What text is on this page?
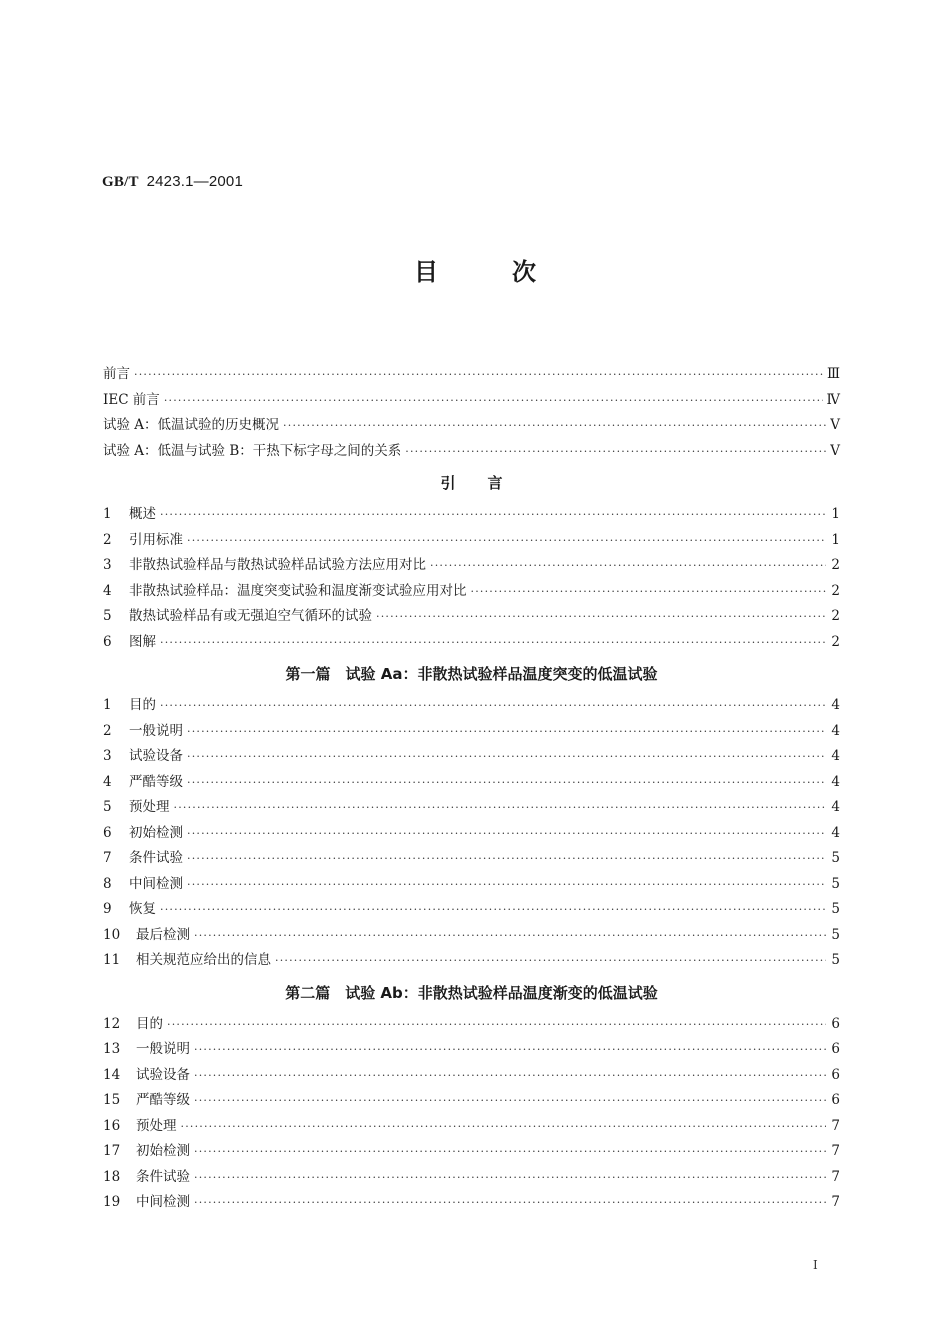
GB/T 2423.1—2001
目次
前言 ·····	Ⅲ
IEC 前言 ·····	Ⅳ
试验 A：低温试验的历史概况 ·····	Ⅴ
试验 A：低温与试验 B：干热下标字母之间的关系 ·····	Ⅴ
引言
1	概述 ·····	1
2	引用标准 ·····	1
3	非散热试验样品与散热试验样品试验方法应用对比 ·····	2
4	非散热试验样品：温度突变试验和温度渐变试验应用对比 ·····	2
5	散热试验样品有或无强迫空气循环的试验 ·····	2
6	图解 ·····	2
第一篇　试验 Aa：非散热试验样品温度突变的低温试验
1	目的 ·····	4
2	一般说明 ·····	4
3	试验设备 ·····	4
4	严酷等级 ·····	4
5	预处理 ·····	4
6	初始检测 ·····	4
7	条件试验 ·····	5
8	中间检测 ·····	5
9	恢复 ·····	5
10	最后检测 ·····	5
11	相关规范应给出的信息 ·····	5
第二篇　试验 Ab：非散热试验样品温度渐变的低温试验
12	目的 ·····	6
13	一般说明 ·····	6
14	试验设备 ·····	6
15	严酷等级 ·····	6
16	预处理 ·····	7
17	初始检测 ·····	7
18	条件试验 ·····	7
19	中间检测 ·····	7
Ⅰ
